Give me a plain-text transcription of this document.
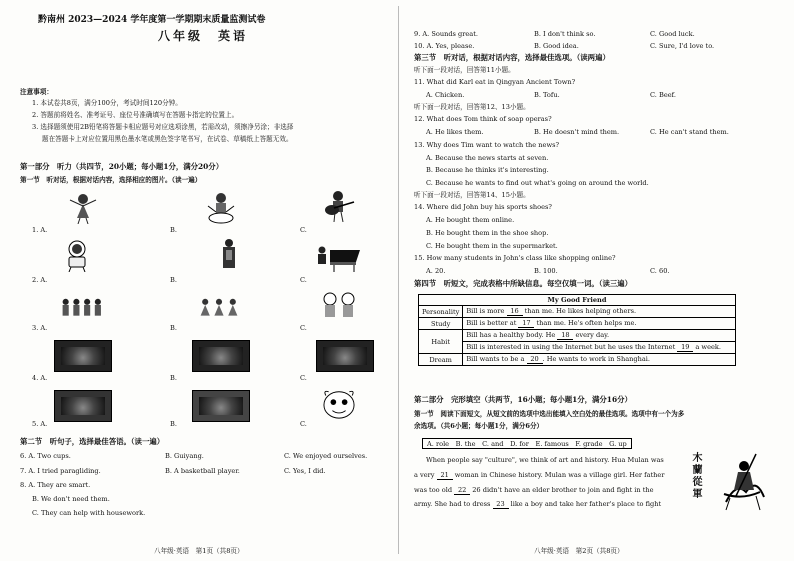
黔南州 2023—2024 学年度第一学期期末质量监测试卷
八年级　英语
注意事项：
1. 本试卷共8页，满分100分，考试时间120分钟。
2. 答题前将姓名、准考证号、座位号准确填写在答题卡指定的位置上。
3. 选择题须使用2B铅笔将答题卡相应题号对应选项涂黑，若需改动，须擦净另涂；非选择
题在答题卡上对应位置用黑色墨水笔或黑色签字笔书写，在试卷、草稿纸上答题无效。
第一部分　听力（共四节，20小题；每小题1分，满分20分）
第一节　听对话，根据对话内容，选择相应的图片。（读一遍）
1. A.	B.	C.
2. A.	B.	C.
3. A.	B.	C.
4. A.	B.	C.
5. A.	B.	C.
第二节　听句子，选择最佳答语。（读一遍）
6. A. Two cups.	B. Guiyang.	C. We enjoyed ourselves.
7. A. I tried paragliding.	B. A basketball player.	C. Yes, I did.
8. A. They are smart.
B. We don't need them.
C. They can help with housework.
八年级·英语　第1页（共8页）
9. A. Sounds great.	B. I don't think so.	C. Good luck.
10. A. Yes, please.	B. Good idea.	C. Sure, I'd love to.
第三节　听对话，根据对话内容，选择最佳选项。（读两遍）
听下面一段对话，回答第11小题。
11. What did Karl eat in Qingyan Ancient Town?
A. Chicken.	B. Tofu.	C. Beef.
听下面一段对话，回答第12、13小题。
12. What does Tom think of soap operas?
A. He likes them.	B. He doesn't mind them.	C. He can't stand them.
13. Why does Tim want to watch the news?
A. Because the news starts at seven.
B. Because he thinks it's interesting.
C. Because he wants to find out what's going on around the world.
听下面一段对话，回答第14、15小题。
14. Where did John buy his sports shoes?
A. He bought them online.
B. He bought them in the shoe shop.
C. He bought them in the supermarket.
15. How many students in John's class like shopping online?
A. 20.	B. 100.	C. 60.
第四节　听短文，完成表格中所缺信息。每空仅填一词。（读三遍）
My Good Friend	
Personality	Bill is more 16 than me. He likes helping others.
Study	Bill is better at 17 than me. He's often helps me.
Habit	Bill has a healthy body. He 18 every day.
	Bill is interested in using the Internet but he uses the Internet 19 a week.
Dream	Bill wants to be a 20 . He wants to work in Shanghai.
第二部分　完形填空（共两节，16小题；每小题1分，满分16分）
第一节　阅读下面短文，从短文前的选项中选出能填入空白处的最佳选项。选项中有一个为多
余选项。（共6小题；每小题1分，满分6分）
A. role　B. the　C. and　D. for　E. famous　F. grade　G. up
When people say "culture", we think of art and history. Hua Mulan was
a very 21 woman in Chinese history. Mulan was a village girl. Her father
was too old 22 26 didn't have an elder brother to join and fight in the
army. She had to dress 23 like a boy and take her father's place to fight
木蘭從軍
八年级·英语　第2页（共8页）
